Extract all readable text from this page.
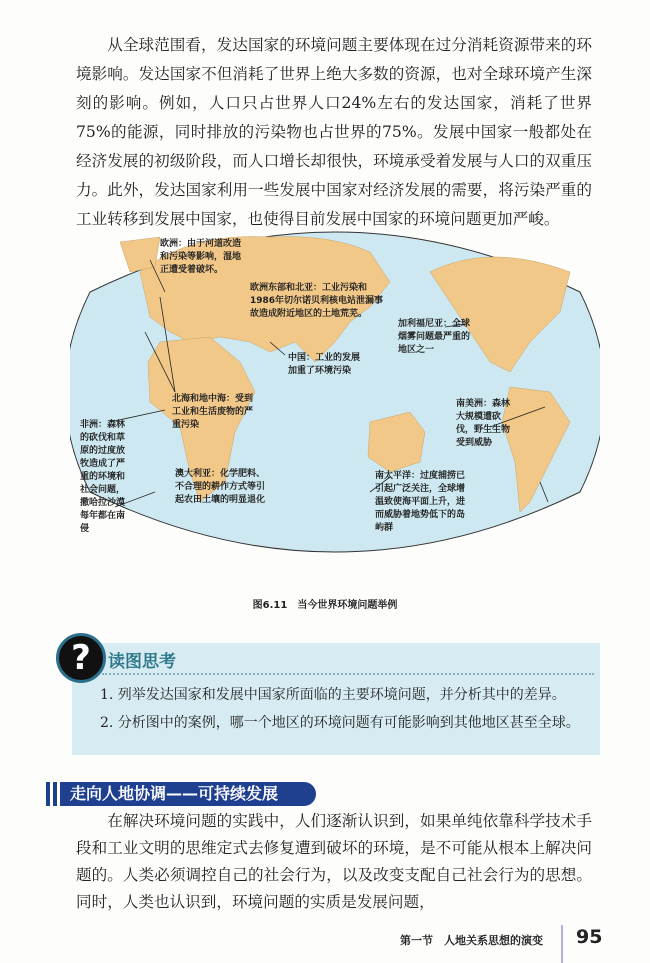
从全球范围看，发达国家的环境问题主要体现在过分消耗资源带来的环境影响。发达国家不但消耗了世界上绝大多数的资源，也对全球环境产生深刻的影响。例如，人口只占世界人口24%左右的发达国家，消耗了世界75%的能源，同时排放的污染物也占世界的75%。发展中国家一般都处在经济发展的初级阶段，而人口增长却很快，环境承受着发展与人口的双重压力。此外，发达国家利用一些发展中国家对经济发展的需要，将污染严重的工业转移到发展中国家，也使得目前发展中国家的环境问题更加严峻。

欧洲：由于河道改造和污染等影响，湿地正遭受着破坏。
欧洲东部和北亚：工业污染和1986年切尔诺贝利核电站泄漏事故造成附近地区的土地荒芜。
中国：工业的发展加重了环境污染
加利福尼亚：全球烟雾问题最严重的地区之一
北海和地中海：受到工业和生活废物的严重污染
非洲：森林的砍伐和草原的过度放牧造成了严重的环境和社会问题，撒哈拉沙漠每年都在南侵
南美洲：森林大规模遭砍伐，野生生物受到威胁
澳大利亚：化学肥料、不合理的耕作方式等引起农田土壤的明显退化
南太平洋：过度捕捞已引起广泛关注，全球增温致使海平面上升，进而威胁着地势低下的岛屿群
图6.11　当今世界环境问题举例
?	读图思考
1. 列举发达国家和发展中国家所面临的主要环境问题，并分析其中的差异。
2. 分析图中的案例，哪一个地区的环境问题有可能影响到其他地区甚至全球。
走向人地协调——可持续发展

在解决环境问题的实践中，人们逐渐认识到，如果单纯依靠科学技术手段和工业文明的思维定式去修复遭到破坏的环境，是不可能从根本上解决问题的。人类必须调控自己的社会行为，以及改变支配自己社会行为的思想。同时，人类也认识到，环境问题的实质是发展问题，

第一节　人地关系思想的演变 95
